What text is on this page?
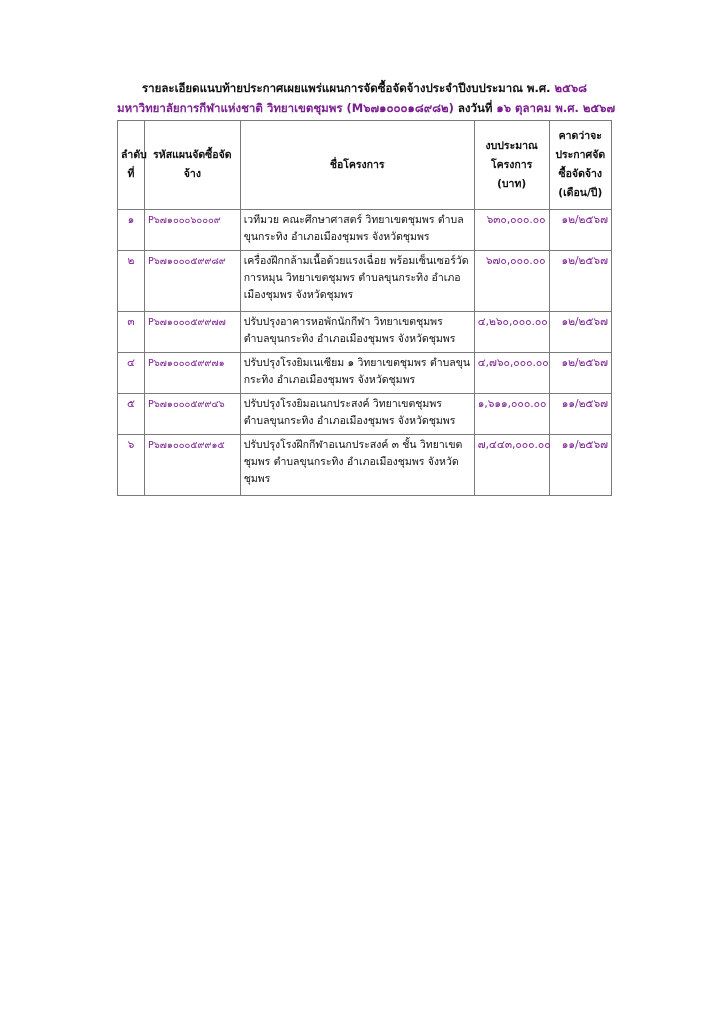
รายละเอียดแนบท้ายประกาศเผยแพร่แผนการจัดซื้อจัดจ้างประจำปีงบประมาณ พ.ศ. ๒๕๖๘
มหาวิทยาลัยการกีฬาแห่งชาติ วิทยาเขตชุมพร (M๖๗๑๐๐๐๑๘๙๘๒) ลงวันที่ ๑๖ ตุลาคม พ.ศ. ๒๕๖๗
ลำดับที่	รหัสแผนจัดซื้อจัดจ้าง	ชื่อโครงการ	งบประมาณโครงการ (บาท)	คาดว่าจะประกาศจัดซื้อจัดจ้าง (เดือน/ปี)
๑	P๖๗๑๐๐๐๖๐๐๐๙	เวทีมวย คณะศึกษาศาสตร์ วิทยาเขตชุมพร ตำบลขุนกระทิง อำเภอเมืองชุมพร จังหวัดชุมพร	๖๓๐,๐๐๐.๐๐	๑๒/๒๕๖๗
๒	P๖๗๑๐๐๐๕๙๙๘๙	เครื่องฝึกกล้ามเนื้อด้วยแรงเฉื่อย พร้อมเซ็นเซอร์วัดการหมุน วิทยาเขตชุมพร ตำบลขุนกระทิง อำเภอเมืองชุมพร จังหวัดชุมพร	๖๗๐,๐๐๐.๐๐	๑๒/๒๕๖๗
๓	P๖๗๑๐๐๐๕๙๙๗๗	ปรับปรุงอาคารหอพักนักกีฬา วิทยาเขตชุมพร ตำบลขุนกระทิง อำเภอเมืองชุมพร จังหวัดชุมพร	๔,๒๖๐,๐๐๐.๐๐	๑๒/๒๕๖๗
๔	P๖๗๑๐๐๐๕๙๙๗๑	ปรับปรุงโรงยิมเนเซียม ๑ วิทยาเขตชุมพร ตำบลขุนกระทิง อำเภอเมืองชุมพร จังหวัดชุมพร	๔,๗๖๐,๐๐๐.๐๐	๑๒/๒๕๖๗
๕	P๖๗๑๐๐๐๕๙๙๔๖	ปรับปรุงโรงยิมอเนกประสงค์ วิทยาเขตชุมพร ตำบลขุนกระทิง อำเภอเมืองชุมพร จังหวัดชุมพร	๑,๖๑๑,๐๐๐.๐๐	๑๑/๒๕๖๗
๖	P๖๗๑๐๐๐๕๙๙๑๕	ปรับปรุงโรงฝึกกีฬาอเนกประสงค์ ๓ ชั้น วิทยาเขตชุมพร ตำบลขุนกระทิง อำเภอเมืองชุมพร จังหวัดชุมพร	๗,๔๔๓,๐๐๐.๐๐	๑๑/๒๕๖๗
